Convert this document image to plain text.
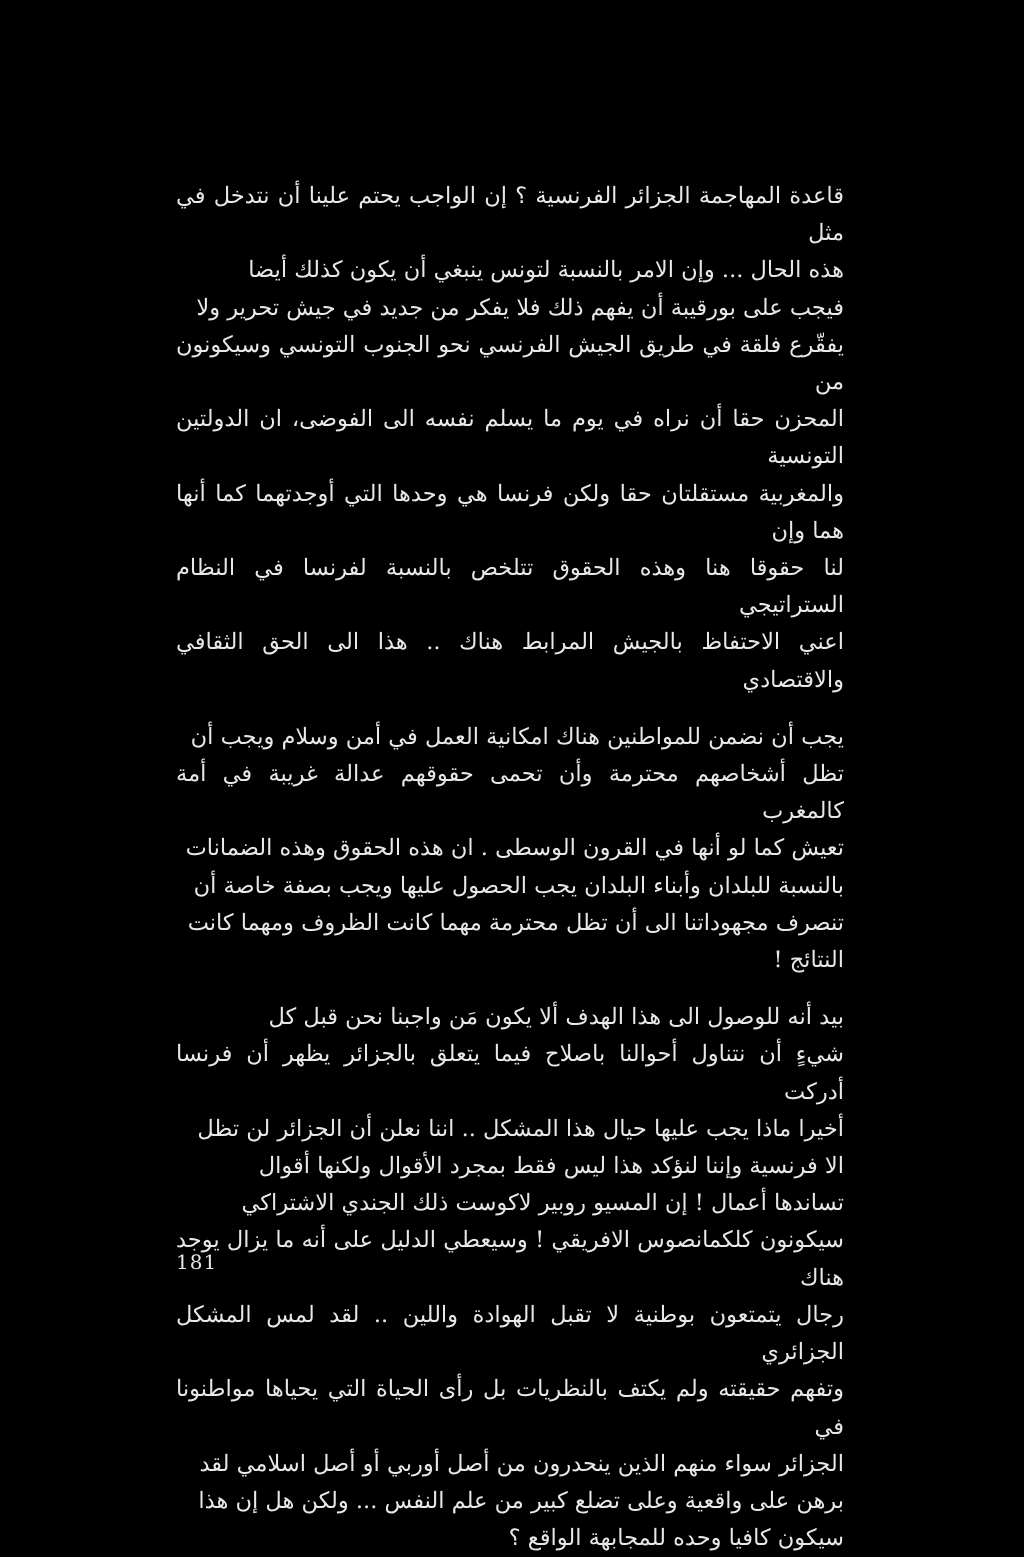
قاعدة المهاجمة الجزائر الفرنسية ؟ إن الواجب يحتم علينا أن نتدخل في مثل
هذه الحال ... وإن الامر بالنسبة لتونس ينبغي أن يكون كذلك أيضا
فيجب على بورقيبة أن يفهم ذلك فلا يفكر من جديد في جيش تحرير ولا
يفقّرع فلقة في طريق الجيش الفرنسي نحو الجنوب التونسي وسيكونون من
المحزن حقا أن نراه في يوم ما يسلم نفسه الى الفوضى، ان الدولتين التونسية
والمغربية مستقلتان حقا ولكن فرنسا هي وحدها التي أوجدتهما كما أنها هما وإن
لنا حقوقا هنا وهذه الحقوق تتلخص بالنسبة لفرنسا في النظام الستراتيجي
اعني الاحتفاظ بالجيش المرابط هناك .. هذا الى الحق الثقافي والاقتصادي

يجب أن نضمن للمواطنين هناك امكانية العمل في أمن وسلام ويجب أن
تظل أشخاصهم محترمة وأن تحمى حقوقهم عدالة غريبة في أمة كالمغرب
تعيش كما لو أنها في القرون الوسطى . ان هذه الحقوق وهذه الضمانات
بالنسبة للبلدان وأبناء البلدان يجب الحصول عليها ويجب بصفة خاصة أن
تنصرف مجهوداتنا الى أن تظل محترمة مهما كانت الظروف ومهما كانت
النتائج !

بيد أنه للوصول الى هذا الهدف ألا يكون مَن واجبنا نحن قبل كل
شيءٍ أن نتناول أحوالنا باصلاح فيما يتعلق بالجزائر يظهر أن فرنسا أدركت
أخيرا ماذا يجب عليها حيال هذا المشكل .. اننا نعلن أن الجزائر لن تظل
الا فرنسية وإننا لنؤكد هذا ليس فقط بمجرد الأقوال ولكنها أقوال
تساندها أعمال ! إن المسيو روبير لاكوست ذلك الجندي الاشتراكي
سيكونون كلكمانصوس الافريقي ! وسيعطي الدليل على أنه ما يزال يوجد هناك
رجال يتمتعون بوطنية لا تقبل الهوادة واللين .. لقد لمس المشكل الجزائري
وتفهم حقيقته ولم يكتف بالنظريات بل رأى الحياة التي يحياها مواطنونا في
الجزائر سواء منهم الذين ينحدرون من أصل أوربي أو أصل اسلامي لقد
برهن على واقعية وعلى تضلع كبير من علم النفس ... ولكن هل إن هذا
سيكون كافيا وحده للمجابهة الواقع ؟

181
